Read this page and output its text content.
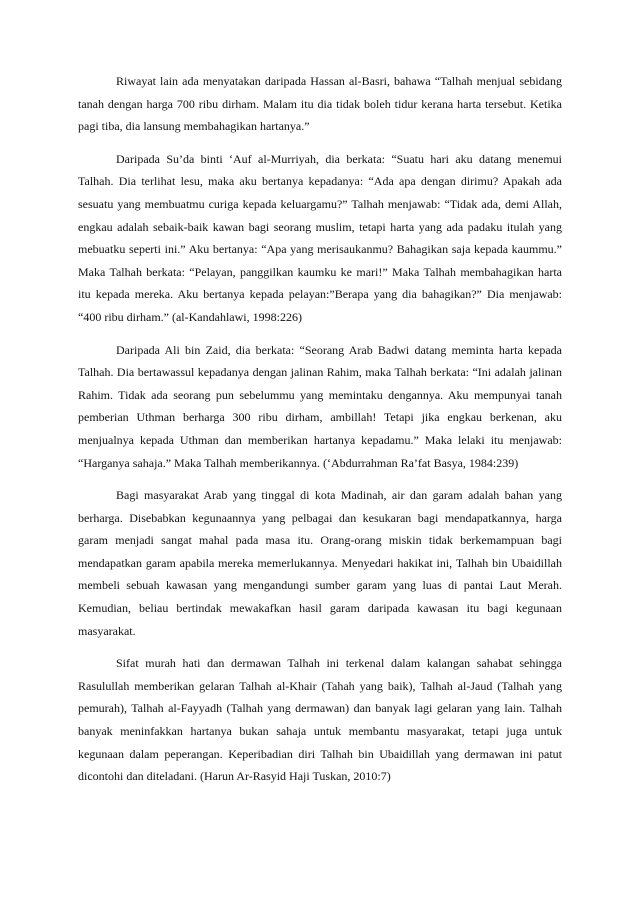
Riwayat lain ada menyatakan daripada Hassan al-Basri, bahawa “Talhah menjual sebidang tanah dengan harga 700 ribu dirham. Malam itu dia tidak boleh tidur kerana harta tersebut. Ketika pagi tiba, dia lansung membahagikan hartanya.”

Daripada Su’da binti ‘Auf al-Murriyah, dia berkata: “Suatu hari aku datang menemui Talhah. Dia terlihat lesu, maka aku bertanya kepadanya: “Ada apa dengan dirimu? Apakah ada sesuatu yang membuatmu curiga kepada keluargamu?” Talhah menjawab: “Tidak ada, demi Allah, engkau adalah sebaik-baik kawan bagi seorang muslim, tetapi harta yang ada padaku itulah yang mebuatku seperti ini.” Aku bertanya: “Apa yang merisaukanmu? Bahagikan saja kepada kaummu.” Maka Talhah berkata: “Pelayan, panggilkan kaumku ke mari!” Maka Talhah membahagikan harta itu kepada mereka. Aku bertanya kepada pelayan:”Berapa yang dia bahagikan?” Dia menjawab: “400 ribu dirham.” (al-Kandahlawi, 1998:226)

Daripada Ali bin Zaid, dia berkata: “Seorang Arab Badwi datang meminta harta kepada Talhah. Dia bertawassul kepadanya dengan jalinan Rahim, maka Talhah berkata: “Ini adalah jalinan Rahim. Tidak ada seorang pun sebelummu yang memintaku dengannya. Aku mempunyai tanah pemberian Uthman berharga 300 ribu dirham, ambillah! Tetapi jika engkau berkenan, aku menjualnya kepada Uthman dan memberikan hartanya kepadamu.” Maka lelaki itu menjawab: “Harganya sahaja.” Maka Talhah memberikannya. (‘Abdurrahman Ra’fat Basya, 1984:239)

Bagi masyarakat Arab yang tinggal di kota Madinah, air dan garam adalah bahan yang berharga. Disebabkan kegunaannya yang pelbagai dan kesukaran bagi mendapatkannya, harga garam menjadi sangat mahal pada masa itu. Orang-orang miskin tidak berkemampuan bagi mendapatkan garam apabila mereka memerlukannya. Menyedari hakikat ini, Talhah bin Ubaidillah membeli sebuah kawasan yang mengandungi sumber garam yang luas di pantai Laut Merah. Kemudian, beliau bertindak mewakafkan hasil garam daripada kawasan itu bagi kegunaan masyarakat.

Sifat murah hati dan dermawan Talhah ini terkenal dalam kalangan sahabat sehingga Rasulullah memberikan gelaran Talhah al-Khair (Tahah yang baik), Talhah al-Jaud (Talhah yang pemurah), Talhah al-Fayyadh (Talhah yang dermawan) dan banyak lagi gelaran yang lain. Talhah banyak meninfakkan hartanya bukan sahaja untuk membantu masyarakat, tetapi juga untuk kegunaan dalam peperangan. Keperibadian diri Talhah bin Ubaidillah yang dermawan ini patut dicontohi dan diteladani. (Harun Ar-Rasyid Haji Tuskan, 2010:7)
